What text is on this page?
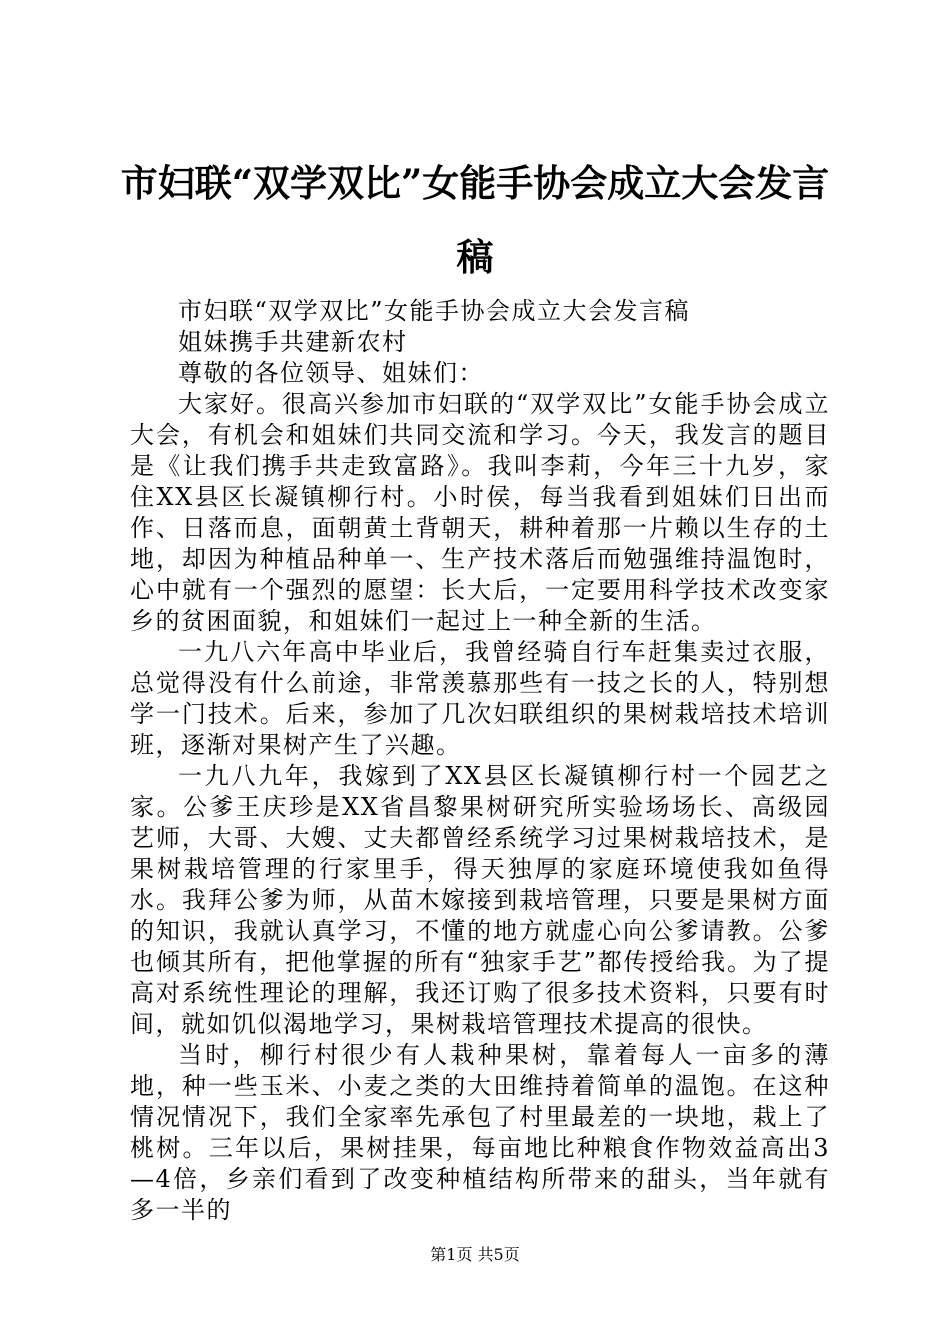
市妇联“双学双比”女能手协会成立大会发言稿

市妇联“双学双比”女能手协会成立大会发言稿

姐妹携手共建新农村

尊敬的各位领导、姐妹们：

大家好。很高兴参加市妇联的“双学双比”女能手协会成立大会，有机会和姐妹们共同交流和学习。今天，我发言的题目是《让我们携手共走致富路》。我叫李莉，今年三十九岁，家住XX县区长凝镇柳行村。小时侯，每当我看到姐妹们日出而作、日落而息，面朝黄土背朝天，耕种着那一片赖以生存的土地，却因为种植品种单一、生产技术落后而勉强维持温饱时，心中就有一个强烈的愿望：长大后，一定要用科学技术改变家乡的贫困面貌，和姐妹们一起过上一种全新的生活。

一九八六年高中毕业后，我曾经骑自行车赶集卖过衣服，总觉得没有什么前途，非常羡慕那些有一技之长的人，特别想学一门技术。后来，参加了几次妇联组织的果树栽培技术培训班，逐渐对果树产生了兴趣。

一九八九年，我嫁到了XX县区长凝镇柳行村一个园艺之家。公爹王庆珍是XX省昌黎果树研究所实验场场长、高级园艺师，大哥、大嫂、丈夫都曾经系统学习过果树栽培技术，是果树栽培管理的行家里手，得天独厚的家庭环境使我如鱼得水。我拜公爹为师，从苗木嫁接到栽培管理，只要是果树方面的知识，我就认真学习，不懂的地方就虚心向公爹请教。公爹也倾其所有，把他掌握的所有“独家手艺”都传授给我。为了提高对系统性理论的理解，我还订购了很多技术资料，只要有时间，就如饥似渴地学习，果树栽培管理技术提高的很快。

当时，柳行村很少有人栽种果树，靠着每人一亩多的薄地，种一些玉米、小麦之类的大田维持着简单的温饱。在这种情况情况下，我们全家率先承包了村里最差的一块地，栽上了桃树。三年以后，果树挂果，每亩地比种粮食作物效益高出3—4倍，乡亲们看到了改变种植结构所带来的甜头，当年就有多一半的

第1页 共5页
